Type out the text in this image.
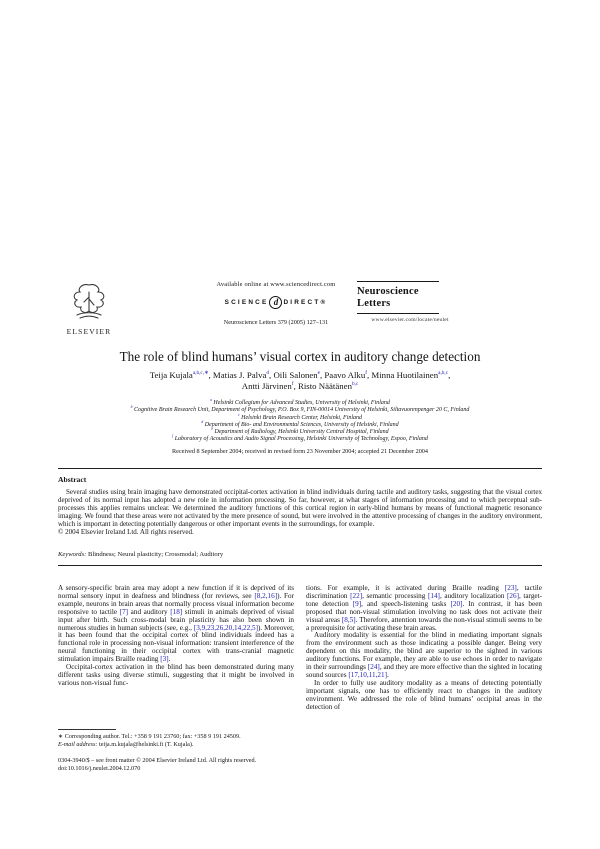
ELSEVIER
Available online at www.sciencedirect.com
SCIENCE d DIRECT®
Neuroscience Letters 379 (2005) 127–131
Neuroscience
Letters
www.elsevier.com/locate/neulet
The role of blind humans’ visual cortex in auditory change detection
Teija Kujala$^{a,b,c,∗}$, Matias J. Palva$^d$, Oili Salonen$^e$, Paavo Alku$^f$, Minna Huotilainen$^{a,b,c}$,
Antti Järvinen$^f$, Risto Näätänen$^{b,c}$
$^a$ Helsinki Collegium for Advanced Studies, University of Helsinki, Finland
$^b$ Cognitive Brain Research Unit, Department of Psychology, P.O. Box 9, FIN-00014 University of Helsinki, Siltavuorenpenger 20 C, Finland
$^c$ Helsinki Brain Research Center, Helsinki, Finland
$^d$ Department of Bio- and Environmental Sciences, University of Helsinki, Finland
$^e$ Department of Radiology, Helsinki University Central Hospital, Finland
$^f$ Laboratory of Acoustics and Audio Signal Processing, Helsinki University of Technology, Espoo, Finland
Received 8 September 2004; received in revised form 23 November 2004; accepted 21 December 2004
Abstract
Several studies using brain imaging have demonstrated occipital-cortex activation in blind individuals during tactile and auditory tasks, suggesting that the visual cortex deprived of its normal input has adopted a new role in information processing. So far, however, at what stages of information processing and to which perceptual sub-processes this applies remains unclear. We determined the auditory functions of this cortical region in early-blind humans by means of functional magnetic resonance imaging. We found that these areas were not activated by the mere presence of sound, but were involved in the attentive processing of changes in the auditory environment, which is important in detecting potentially dangerous or other important events in the surroundings, for example.
© 2004 Elsevier Ireland Ltd. All rights reserved.
Keywords: Blindness; Neural plasticity; Crossmodal; Auditory

A sensory-specific brain area may adopt a new function if it is deprived of its normal sensory input in deafness and blindness (for reviews, see [8,2,16]). For example, neurons in brain areas that normally process visual information become responsive to tactile [7] and auditory [18] stimuli in animals deprived of visual input after birth. Such cross-modal brain plasticity has also been shown in numerous studies in human subjects (see, e.g., [3,9,23,26,20,14,22,5]). Moreover, it has been found that the occipital cortex of blind individuals indeed has a functional role in processing non-visual information: transient interference of the neural functioning in their occipital cortex with trans-cranial magnetic stimulation impairs Braille reading [3].

Occipital-cortex activation in the blind has been demonstrated during many different tasks using diverse stimuli, suggesting that it might be involved in various non-visual func-

tions. For example, it is activated during Braille reading [23], tactile discrimination [22], semantic processing [14], auditory localization [26], target-tone detection [9], and speech-listening tasks [20]. In contrast, it has been proposed that non-visual stimulation involving no task does not activate their visual areas [8,5]. Therefore, attention towards the non-visual stimuli seems to be a prerequisite for activating these brain areas.

Auditory modality is essential for the blind in mediating important signals from the environment such as those indicating a possible danger. Being very dependent on this modality, the blind are superior to the sighted in various auditory functions. For example, they are able to use echoes in order to navigate in their surroundings [24], and they are more effective than the sighted in locating sound sources [17,10,11,21].

In order to fully use auditory modality as a means of detecting potentially important signals, one has to efficiently react to changes in the auditory environment. We addressed the role of blind humans’ occipital areas in the detection of

∗ Corresponding author. Tel.: +358 9 191 23760; fax: +358 9 191 24509.
E-mail address: teija.m.kujala@helsinki.fi (T. Kujala).
0304-3940/$ – see front matter © 2004 Elsevier Ireland Ltd. All rights reserved.
doi:10.1016/j.neulet.2004.12.070
